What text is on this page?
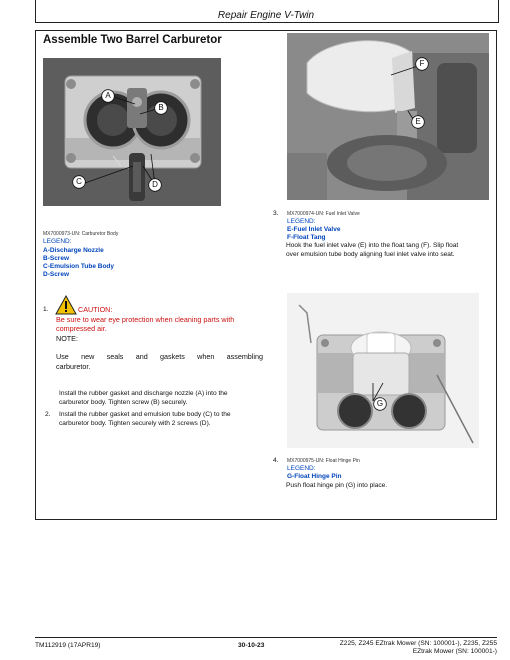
Repair Engine V-Twin
Assemble Two Barrel Carburetor
A
B
C	D
MX7000973-UN: Carburetor Body
LEGEND:
A-Discharge Nozzle
B-Screw
C-Emulsion Tube Body
D-Screw
1.	CAUTION:
Be sure to wear eye protection when cleaning parts with
compressed air.
NOTE:
Use new seals and gaskets when assembling
carburetor.
Install the rubber gasket and discharge nozzle (A) into the
carburetor body. Tighten screw (B) securely.
2. Install the rubber gasket and emulsion tube body (C) to the
carburetor body. Tighten securely with 2 screws (D).
F
E
3. MX7000974-UN: Fuel Inlet Valve
LEGEND:
E-Fuel Inlet Valve
F-Float Tang
Hook the fuel inlet valve (E) into the float tang (F). Slip float
over emulsion tube body aligning fuel inlet valve into seat.
G
4. MX7000975-UN: Float Hinge Pin
LEGEND:
G-Float Hinge Pin
Push float hinge pin (G) into place.
TM112919 (17APR19)	30-10-23	Z225, Z245 EZtrak Mower (SN: 100001-), Z235, Z255
EZtrak Mower (SN: 100001-)
